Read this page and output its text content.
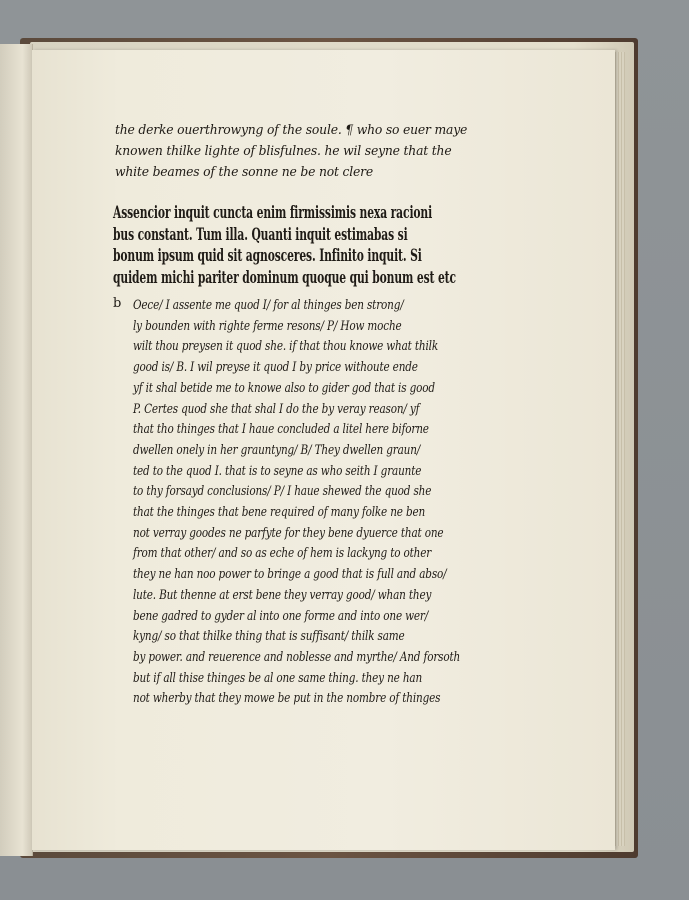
the derke ouerthrowyng of the soule. ¶ who so euer maye
knowen thilke lighte of blisfulnes. he wil seyne that the
white beames of the sonne ne be not clere
Assencior inquit cuncta enim firmissimis nexa racioni
bus constant. Tum illa. Quanti inquit estimabas si
bonum ipsum quid sit agnosceres. Infinito inquit. Si
quidem michi pariter dominum quoque qui bonum est etc
b Oece/ I assente me quod I/ for al thinges ben strong/
ly bounden with righte ferme resons/ P/ How moche
wilt thou preysen it quod she. if that thou knowe what thilk
good is/ B. I wil preyse it quod I by price withoute ende
yf it shal betide me to knowe also to gider god that is good
P. Certes quod she that shal I do the by veray reason/ yf
that tho thinges that I haue concluded a litel here biforne
dwellen onely in her grauntyng/ B/ They dwellen graun/
ted to the quod I. that is to seyne as who seith I graunte
to thy forsayd conclusions/ P/ I haue shewed the quod she
that the thinges that bene required of many folke ne ben
not verray goodes ne parfyte for they bene dyuerce that one
from that other/ and so as eche of hem is lackyng to other
they ne han noo power to bringe a good that is full and abso/
lute. But thenne at erst bene they verray good/ whan they
bene gadred to gyder al into one forme and into one wer/
kyng/ so that thilke thing that is suffisant/ thilk same
by power. and reuerence and noblesse and myrthe/ And forsoth
but if all thise thinges be al one same thing. they ne han
not wherby that they mowe be put in the nombre of thinges
